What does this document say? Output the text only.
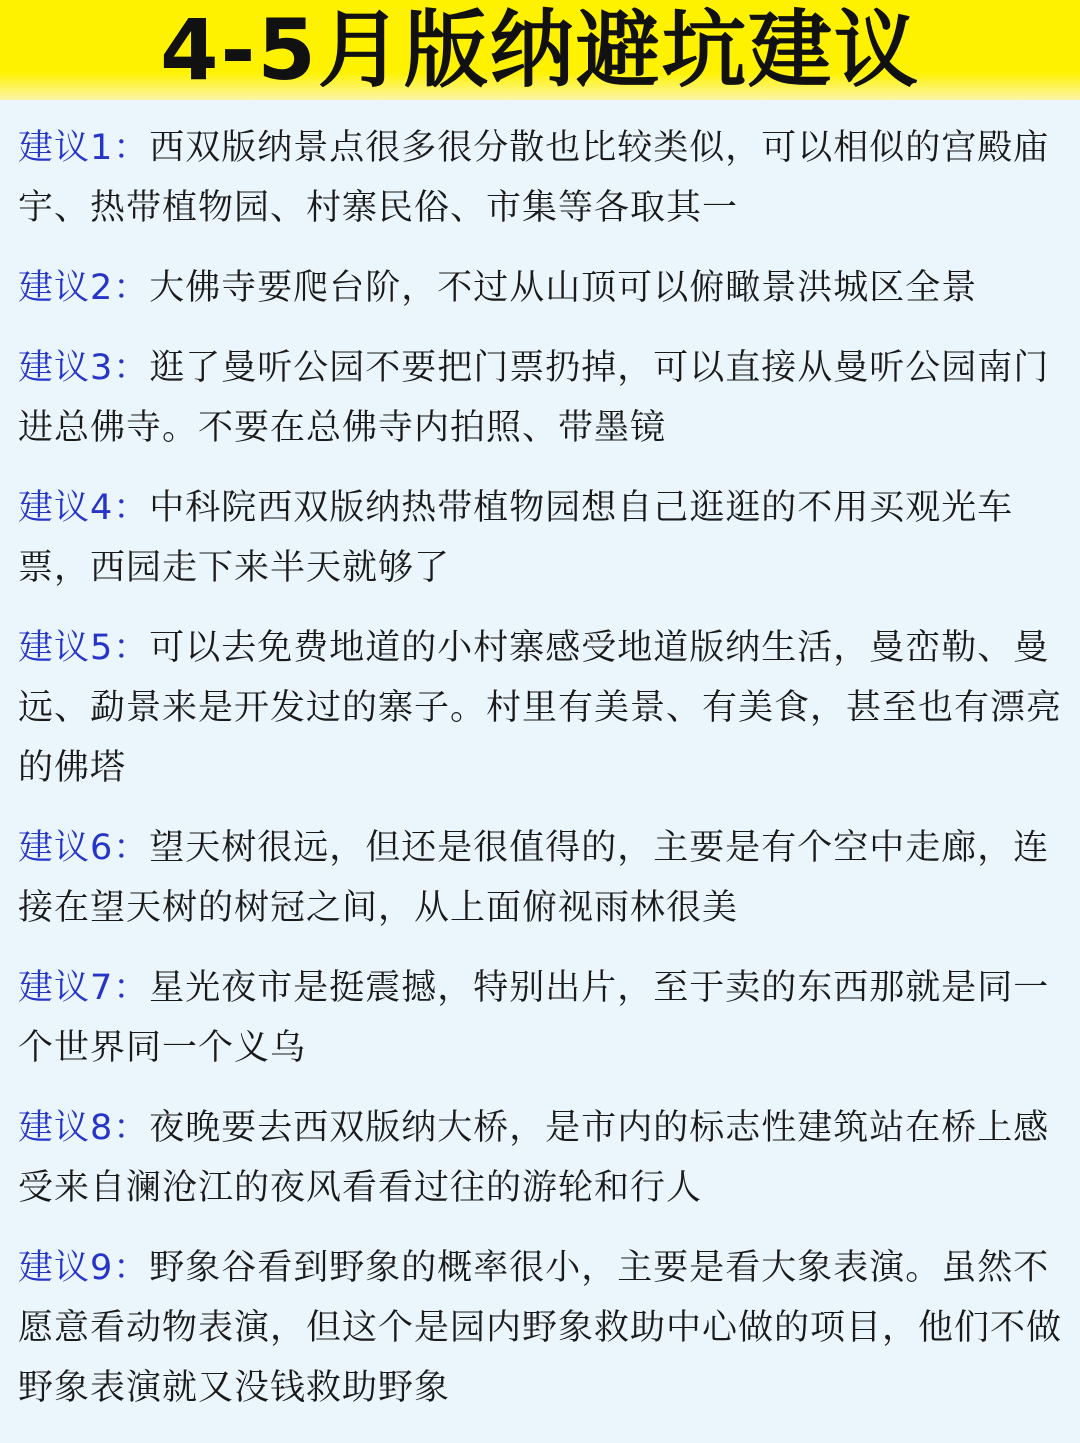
4-5月版纳避坑建议
建议1：西双版纳景点很多很分散也比较类似，可以相似的宫殿庙宇、热带植物园、村寨民俗、市集等各取其一
建议2：大佛寺要爬台阶，不过从山顶可以俯瞰景洪城区全景
建议3：逛了曼听公园不要把门票扔掉，可以直接从曼听公园南门进总佛寺。不要在总佛寺内拍照、带墨镜
建议4：中科院西双版纳热带植物园想自己逛逛的不用买观光车票，西园走下来半天就够了
建议5：可以去免费地道的小村寨感受地道版纳生活，曼峦勒、曼远、勐景来是开发过的寨子。村里有美景、有美食，甚至也有漂亮的佛塔
建议6：望天树很远，但还是很值得的，主要是有个空中走廊，连接在望天树的树冠之间，从上面俯视雨林很美
建议7：星光夜市是挺震撼，特别出片，至于卖的东西那就是同一个世界同一个义乌
建议8：夜晚要去西双版纳大桥，是市内的标志性建筑站在桥上感受来自澜沧江的夜风看看过往的游轮和行人
建议9：野象谷看到野象的概率很小，主要是看大象表演。虽然不愿意看动物表演，但这个是园内野象救助中心做的项目，他们不做野象表演就又没钱救助野象
